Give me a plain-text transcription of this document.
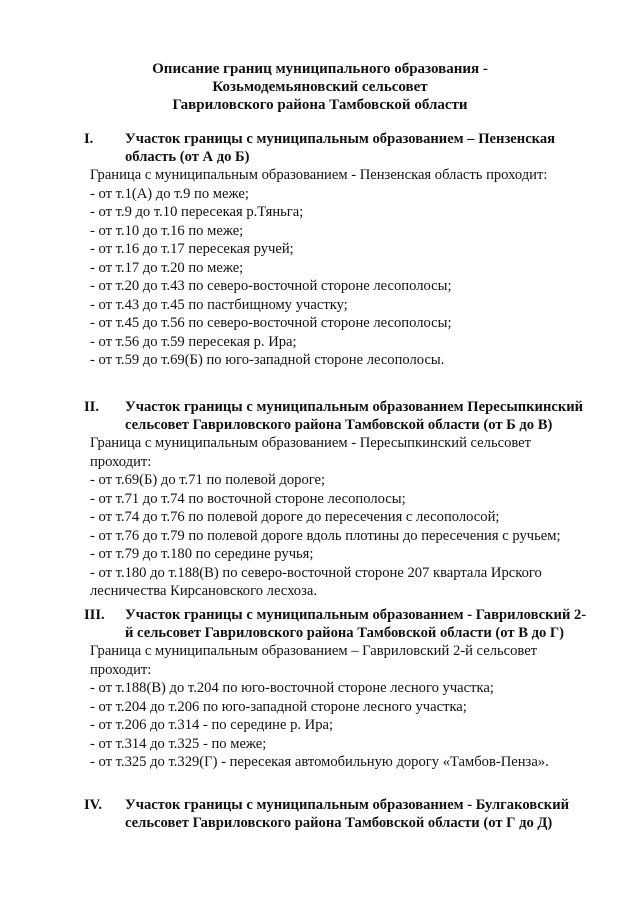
Описание границ муниципального образования -
Козьмодемьяновский сельсовет
Гавриловского района Тамбовской области
I.	Участок границы с муниципальным образованием – Пензенская
область (от А до Б)
Граница с муниципальным образованием - Пензенская область проходит:
- от т.1(А) до т.9 по меже;
- от т.9 до т.10 пересекая р.Тяньга;
- от т.10 до т.16 по меже;
- от т.16 до т.17 пересекая ручей;
- от т.17 до т.20 по меже;
- от т.20 до т.43 по северо-восточной стороне лесополосы;
- от т.43 до т.45 по пастбищному участку;
- от т.45 до т.56 по северо-восточной стороне лесополосы;
- от т.56 до т.59 пересекая р. Ира;
- от т.59 до т.69(Б) по юго-западной стороне лесополосы.
II.	Участок границы с муниципальным образованием Пересыпкинский
сельсовет Гавриловского района Тамбовской области (от Б до В)
Граница с муниципальным образованием - Пересыпкинский сельсовет
проходит:
- от т.69(Б) до т.71 по полевой дороге;
- от т.71 до т.74 по восточной стороне лесополосы;
- от т.74 до т.76 по полевой дороге до пересечения с лесополосой;
- от т.76 до т.79 по полевой дороге вдоль плотины до пересечения с ручьем;
- от т.79 до т.180 по середине ручья;
- от т.180 до т.188(В) по северо-восточной стороне 207 квартала Ирского
лесничества Кирсановского лесхоза.
III.	Участок границы с муниципальным образованием - Гавриловский 2-
й сельсовет Гавриловского района Тамбовской области (от В до Г)
Граница с муниципальным образованием – Гавриловский 2-й сельсовет
проходит:
- от т.188(В) до т.204 по юго-восточной стороне лесного участка;
- от т.204 до т.206 по юго-западной стороне лесного участка;
- от т.206 до т.314 - по середине р. Ира;
- от т.314 до т.325 - по меже;
- от т.325 до т.329(Г) - пересекая автомобильную дорогу «Тамбов-Пенза».
IV.	Участок границы с муниципальным образованием - Булгаковский
сельсовет Гавриловского района Тамбовской области (от Г до Д)
